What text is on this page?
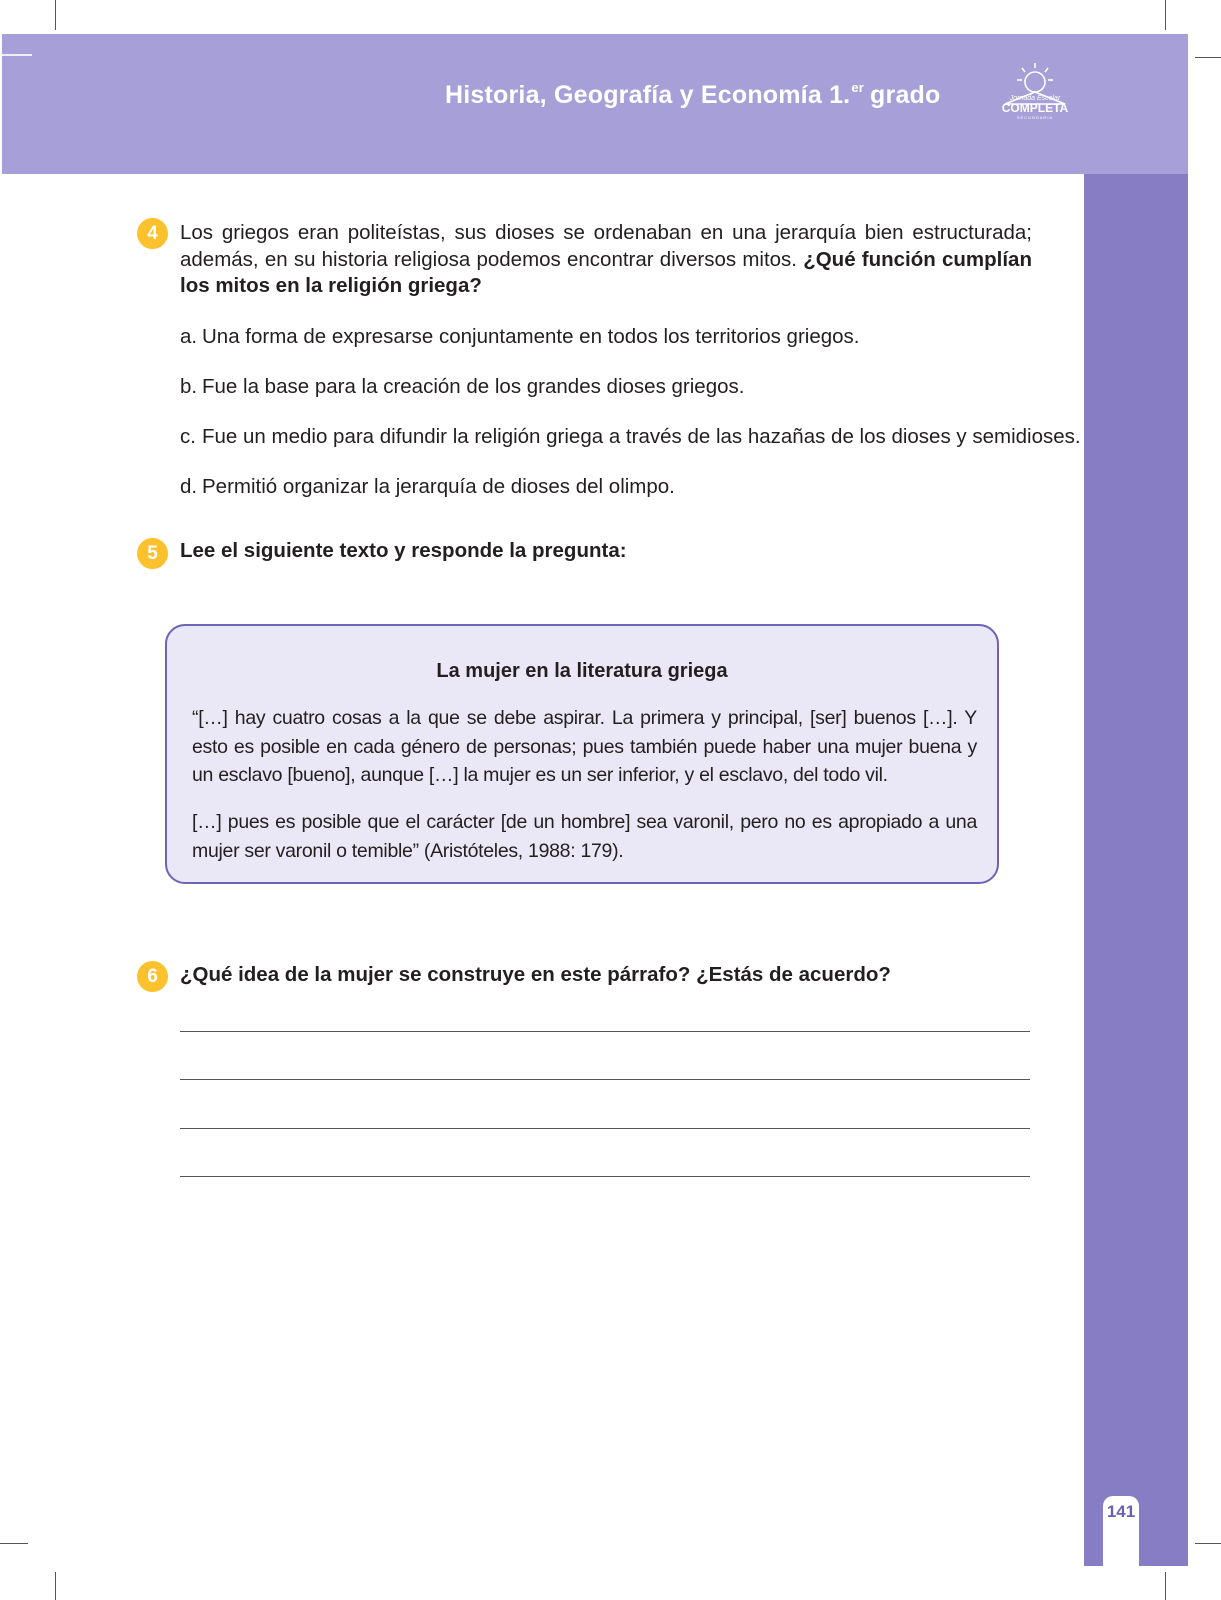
Historia, Geografía y Economía 1.$^{er}$ grado	Jornada Escolar
COMPLETA
SECUNDARIA
141
4	Los griegos eran politeístas, sus dioses se ordenaban en una jerarquía bien estructurada; además, en su historia religiosa podemos encontrar diversos mitos. ¿Qué función cumplían los mitos en la religión griega?
a. Una forma de expresarse conjuntamente en todos los territorios griegos.
b. Fue la base para la creación de los grandes dioses griegos.
c. Fue un medio para difundir la religión griega a través de las hazañas de los dioses y semidioses.
d. Permitió organizar la jerarquía de dioses del olimpo.
5	Lee el siguiente texto y responde la pregunta:
La mujer en la literatura griega
“[…] hay cuatro cosas a la que se debe aspirar. La primera y principal, [ser] buenos […]. Y esto es posible en cada género de personas; pues también puede haber una mujer buena y un esclavo [bueno], aunque […] la mujer es un ser inferior, y el esclavo, del todo vil.
[…] pues es posible que el carácter [de un hombre] sea varonil, pero no es apropiado a una mujer ser varonil o temible” (Aristóteles, 1988: 179).
6	¿Qué idea de la mujer se construye en este párrafo? ¿Estás de acuerdo?
